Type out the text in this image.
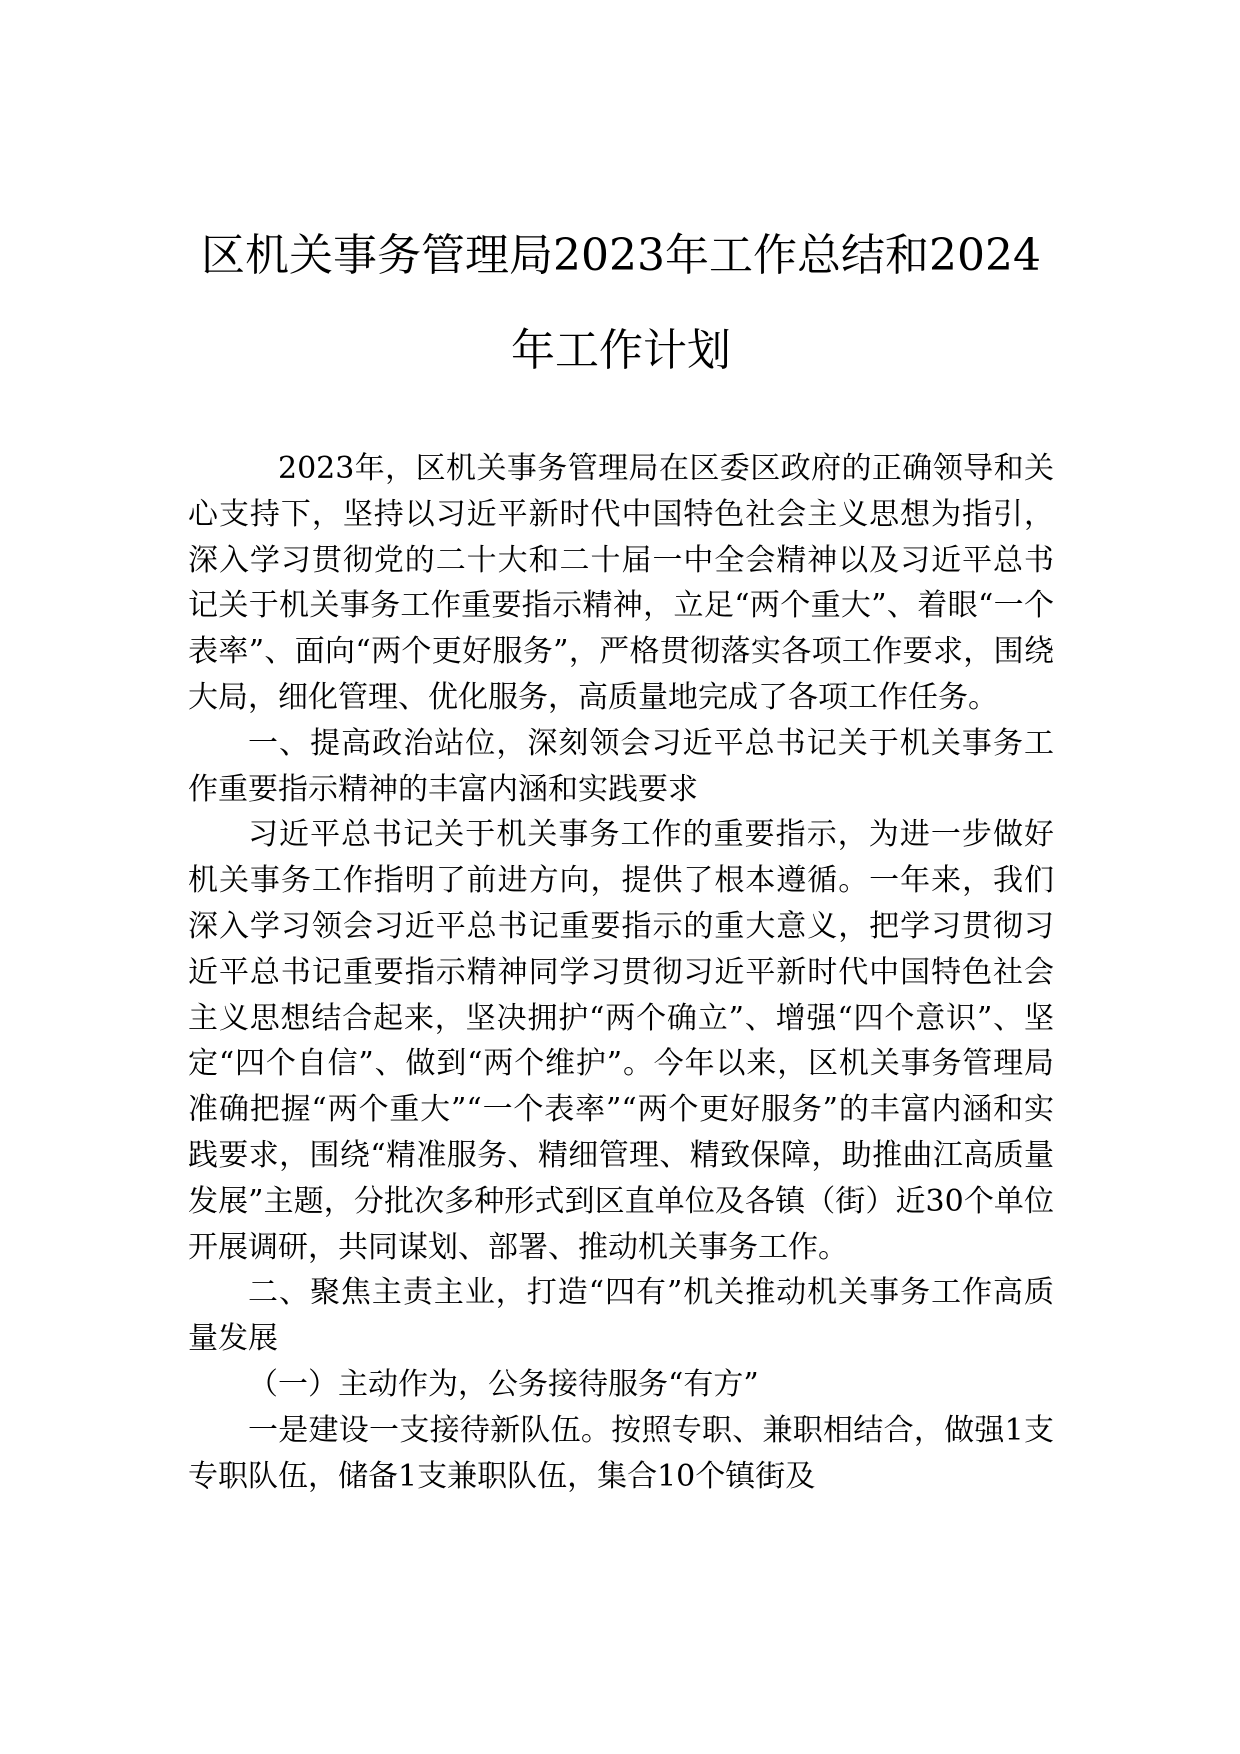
区机关事务管理局2023年工作总结和2024
年工作计划

2023年，区机关事务管理局在区委区政府的正确领导和关心支持下，坚持以习近平新时代中国特色社会主义思想为指引，深入学习贯彻党的二十大和二十届一中全会精神以及习近平总书记关于机关事务工作重要指示精神，立足“两个重大”、着眼“一个表率”、面向“两个更好服务”，严格贯彻落实各项工作要求，围绕大局，细化管理、优化服务，高质量地完成了各项工作任务。

一、提高政治站位，深刻领会习近平总书记关于机关事务工作重要指示精神的丰富内涵和实践要求

习近平总书记关于机关事务工作的重要指示，为进一步做好机关事务工作指明了前进方向，提供了根本遵循。一年来，我们深入学习领会习近平总书记重要指示的重大意义，把学习贯彻习近平总书记重要指示精神同学习贯彻习近平新时代中国特色社会主义思想结合起来，坚决拥护“两个确立”、增强“四个意识”、坚定“四个自信”、做到“两个维护”。今年以来，区机关事务管理局准确把握“两个重大”“一个表率”“两个更好服务”的丰富内涵和实践要求，围绕“精准服务、精细管理、精致保障，助推曲江高质量发展”主题，分批次多种形式到区直单位及各镇（街）近30个单位开展调研，共同谋划、部署、推动机关事务工作。

二、聚焦主责主业，打造“四有”机关推动机关事务工作高质量发展

（一）主动作为，公务接待服务“有方”

一是建设一支接待新队伍。按照专职、兼职相结合，做强1支专职队伍，储备1支兼职队伍，集合10个镇街及
